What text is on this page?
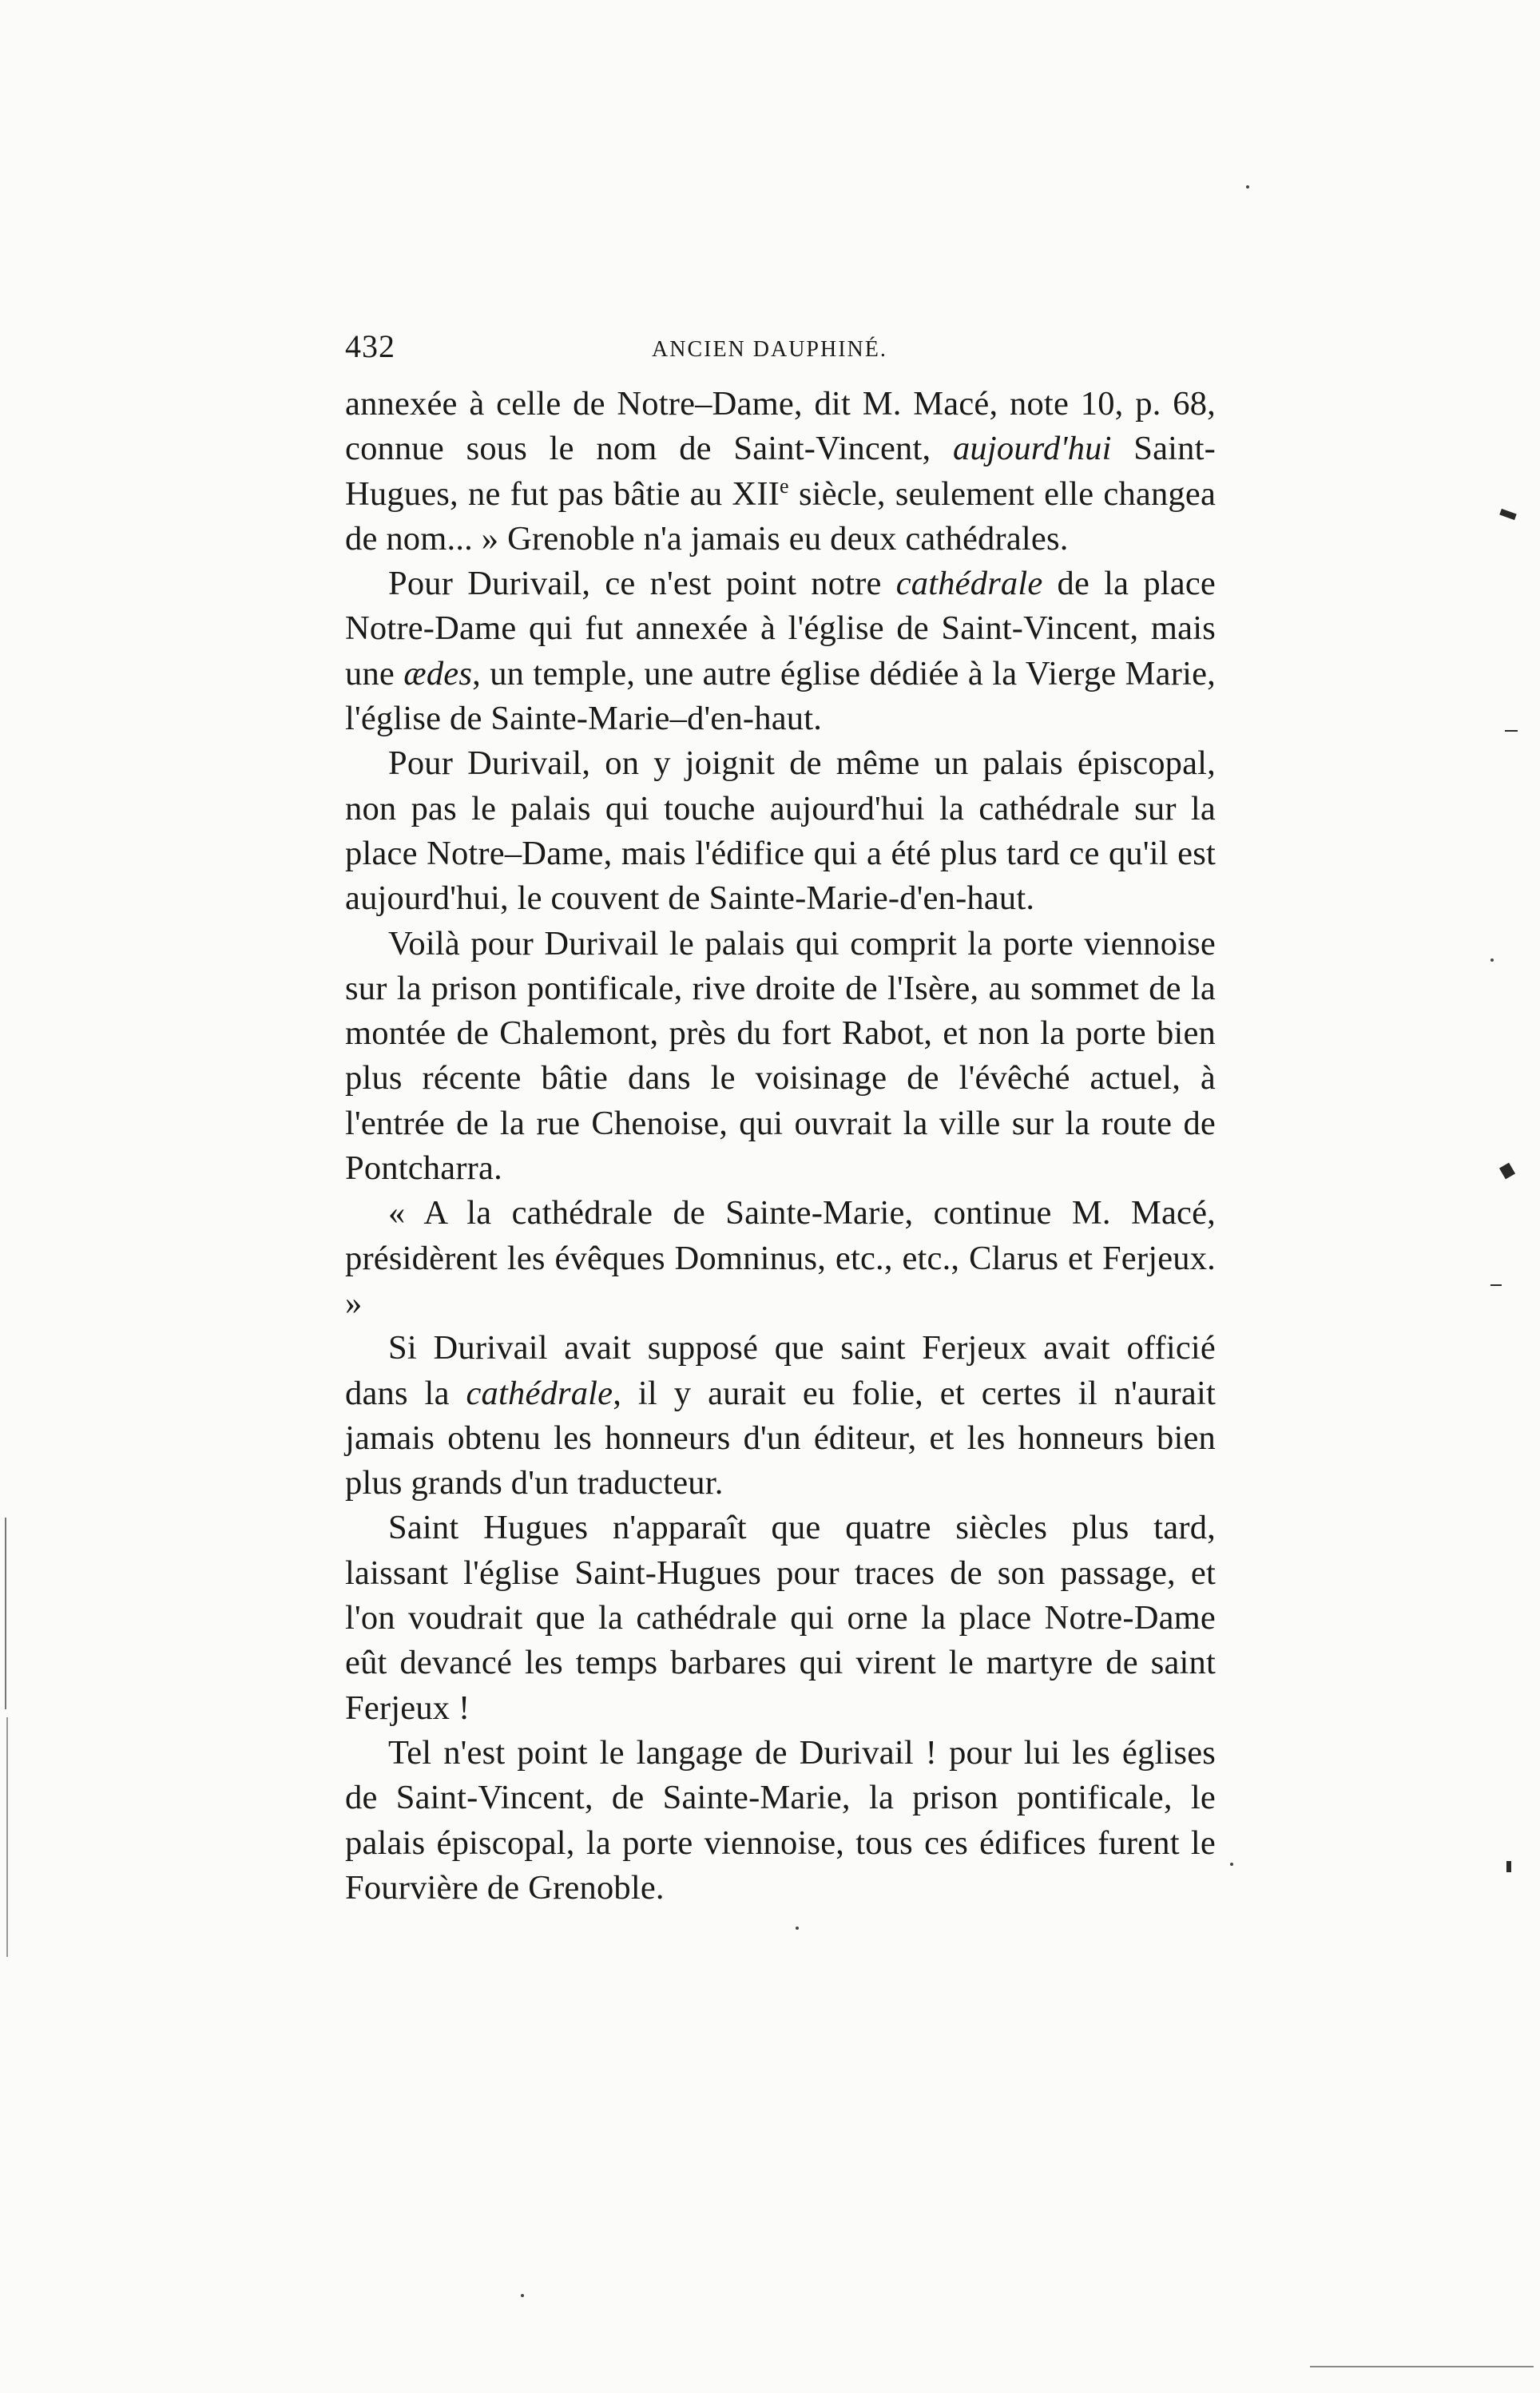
432	ANCIEN DAUPHINÉ.

annexée à celle de Notre–Dame, dit M. Macé, note 10, p. 68, connue sous le nom de Saint-Vincent, aujourd'hui Saint-Hugues, ne fut pas bâtie au XIIe siècle, seulement elle changea de nom... » Grenoble n'a jamais eu deux cathédrales.

Pour Durivail, ce n'est point notre cathédrale de la place Notre-Dame qui fut annexée à l'église de Saint-Vincent, mais une ædes, un temple, une autre église dédiée à la Vierge Marie, l'église de Sainte-Marie–d'en-haut.

Pour Durivail, on y joignit de même un palais épiscopal, non pas le palais qui touche aujourd'hui la cathédrale sur la place Notre–Dame, mais l'édifice qui a été plus tard ce qu'il est aujourd'hui, le couvent de Sainte-Marie-d'en-haut.

Voilà pour Durivail le palais qui comprit la porte viennoise sur la prison pontificale, rive droite de l'Isère, au sommet de la montée de Chalemont, près du fort Rabot, et non la porte bien plus récente bâtie dans le voisinage de l'évêché actuel, à l'entrée de la rue Chenoise, qui ouvrait la ville sur la route de Pontcharra.

« A la cathédrale de Sainte-Marie, continue M. Macé, présidèrent les évêques Domninus, etc., etc., Clarus et Ferjeux. »

Si Durivail avait supposé que saint Ferjeux avait officié dans la cathédrale, il y aurait eu folie, et certes il n'aurait jamais obtenu les honneurs d'un éditeur, et les honneurs bien plus grands d'un traducteur.

Saint Hugues n'apparaît que quatre siècles plus tard, laissant l'église Saint-Hugues pour traces de son passage, et l'on voudrait que la cathédrale qui orne la place Notre-Dame eût devancé les temps barbares qui virent le martyre de saint Ferjeux !

Tel n'est point le langage de Durivail ! pour lui les églises de Saint-Vincent, de Sainte-Marie, la prison pontificale, le palais épiscopal, la porte viennoise, tous ces édifices furent le Fourvière de Grenoble.
